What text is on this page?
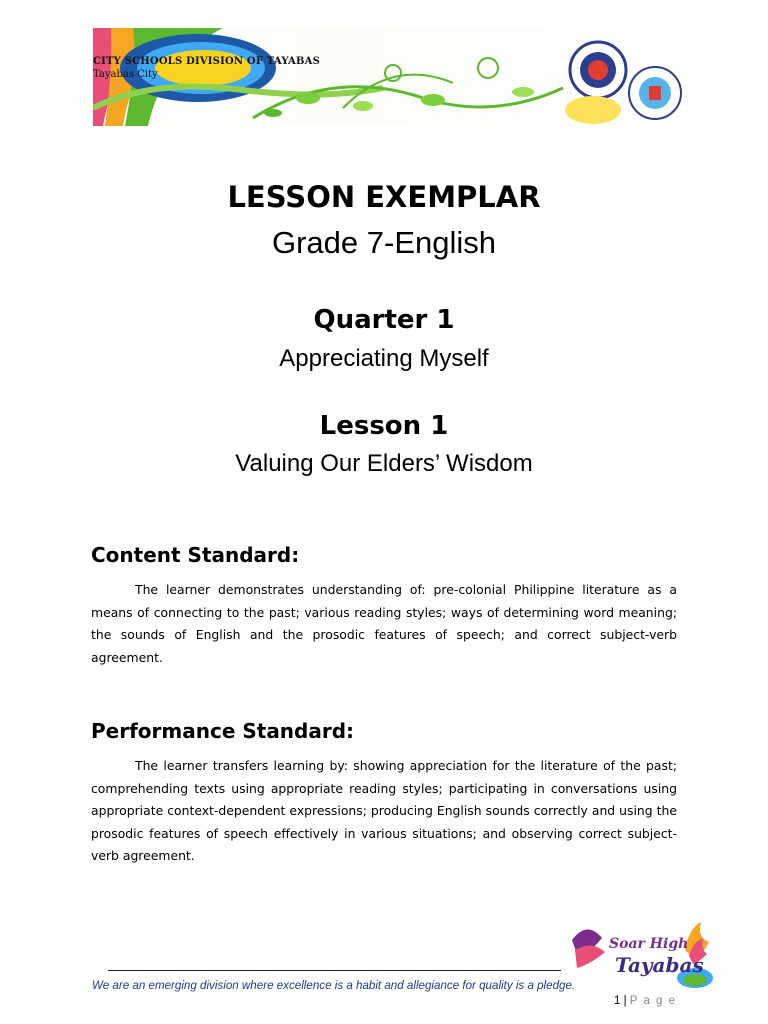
CITY SCHOOLS DIVISION OF TAYABAS
Tayabas City
LESSON EXEMPLAR
Grade 7-English
Quarter 1
Appreciating Myself
Lesson 1
Valuing Our Elders’ Wisdom
Content Standard:
The learner demonstrates understanding of: pre-colonial Philippine literature as a means of connecting to the past; various reading styles; ways of determining word meaning; the sounds of English and the prosodic features of speech; and correct subject-verb agreement.
Performance Standard:
The learner transfers learning by: showing appreciation for the literature of the past; comprehending texts using appropriate reading styles; participating in conversations using appropriate context-dependent expressions; producing English sounds correctly and using the prosodic features of speech effectively in various situations; and observing correct subject-verb agreement.
Soar High
Tayabas
We are an emerging division where excellence is a habit and allegiance for quality is a pledge.
1 | P a g e
